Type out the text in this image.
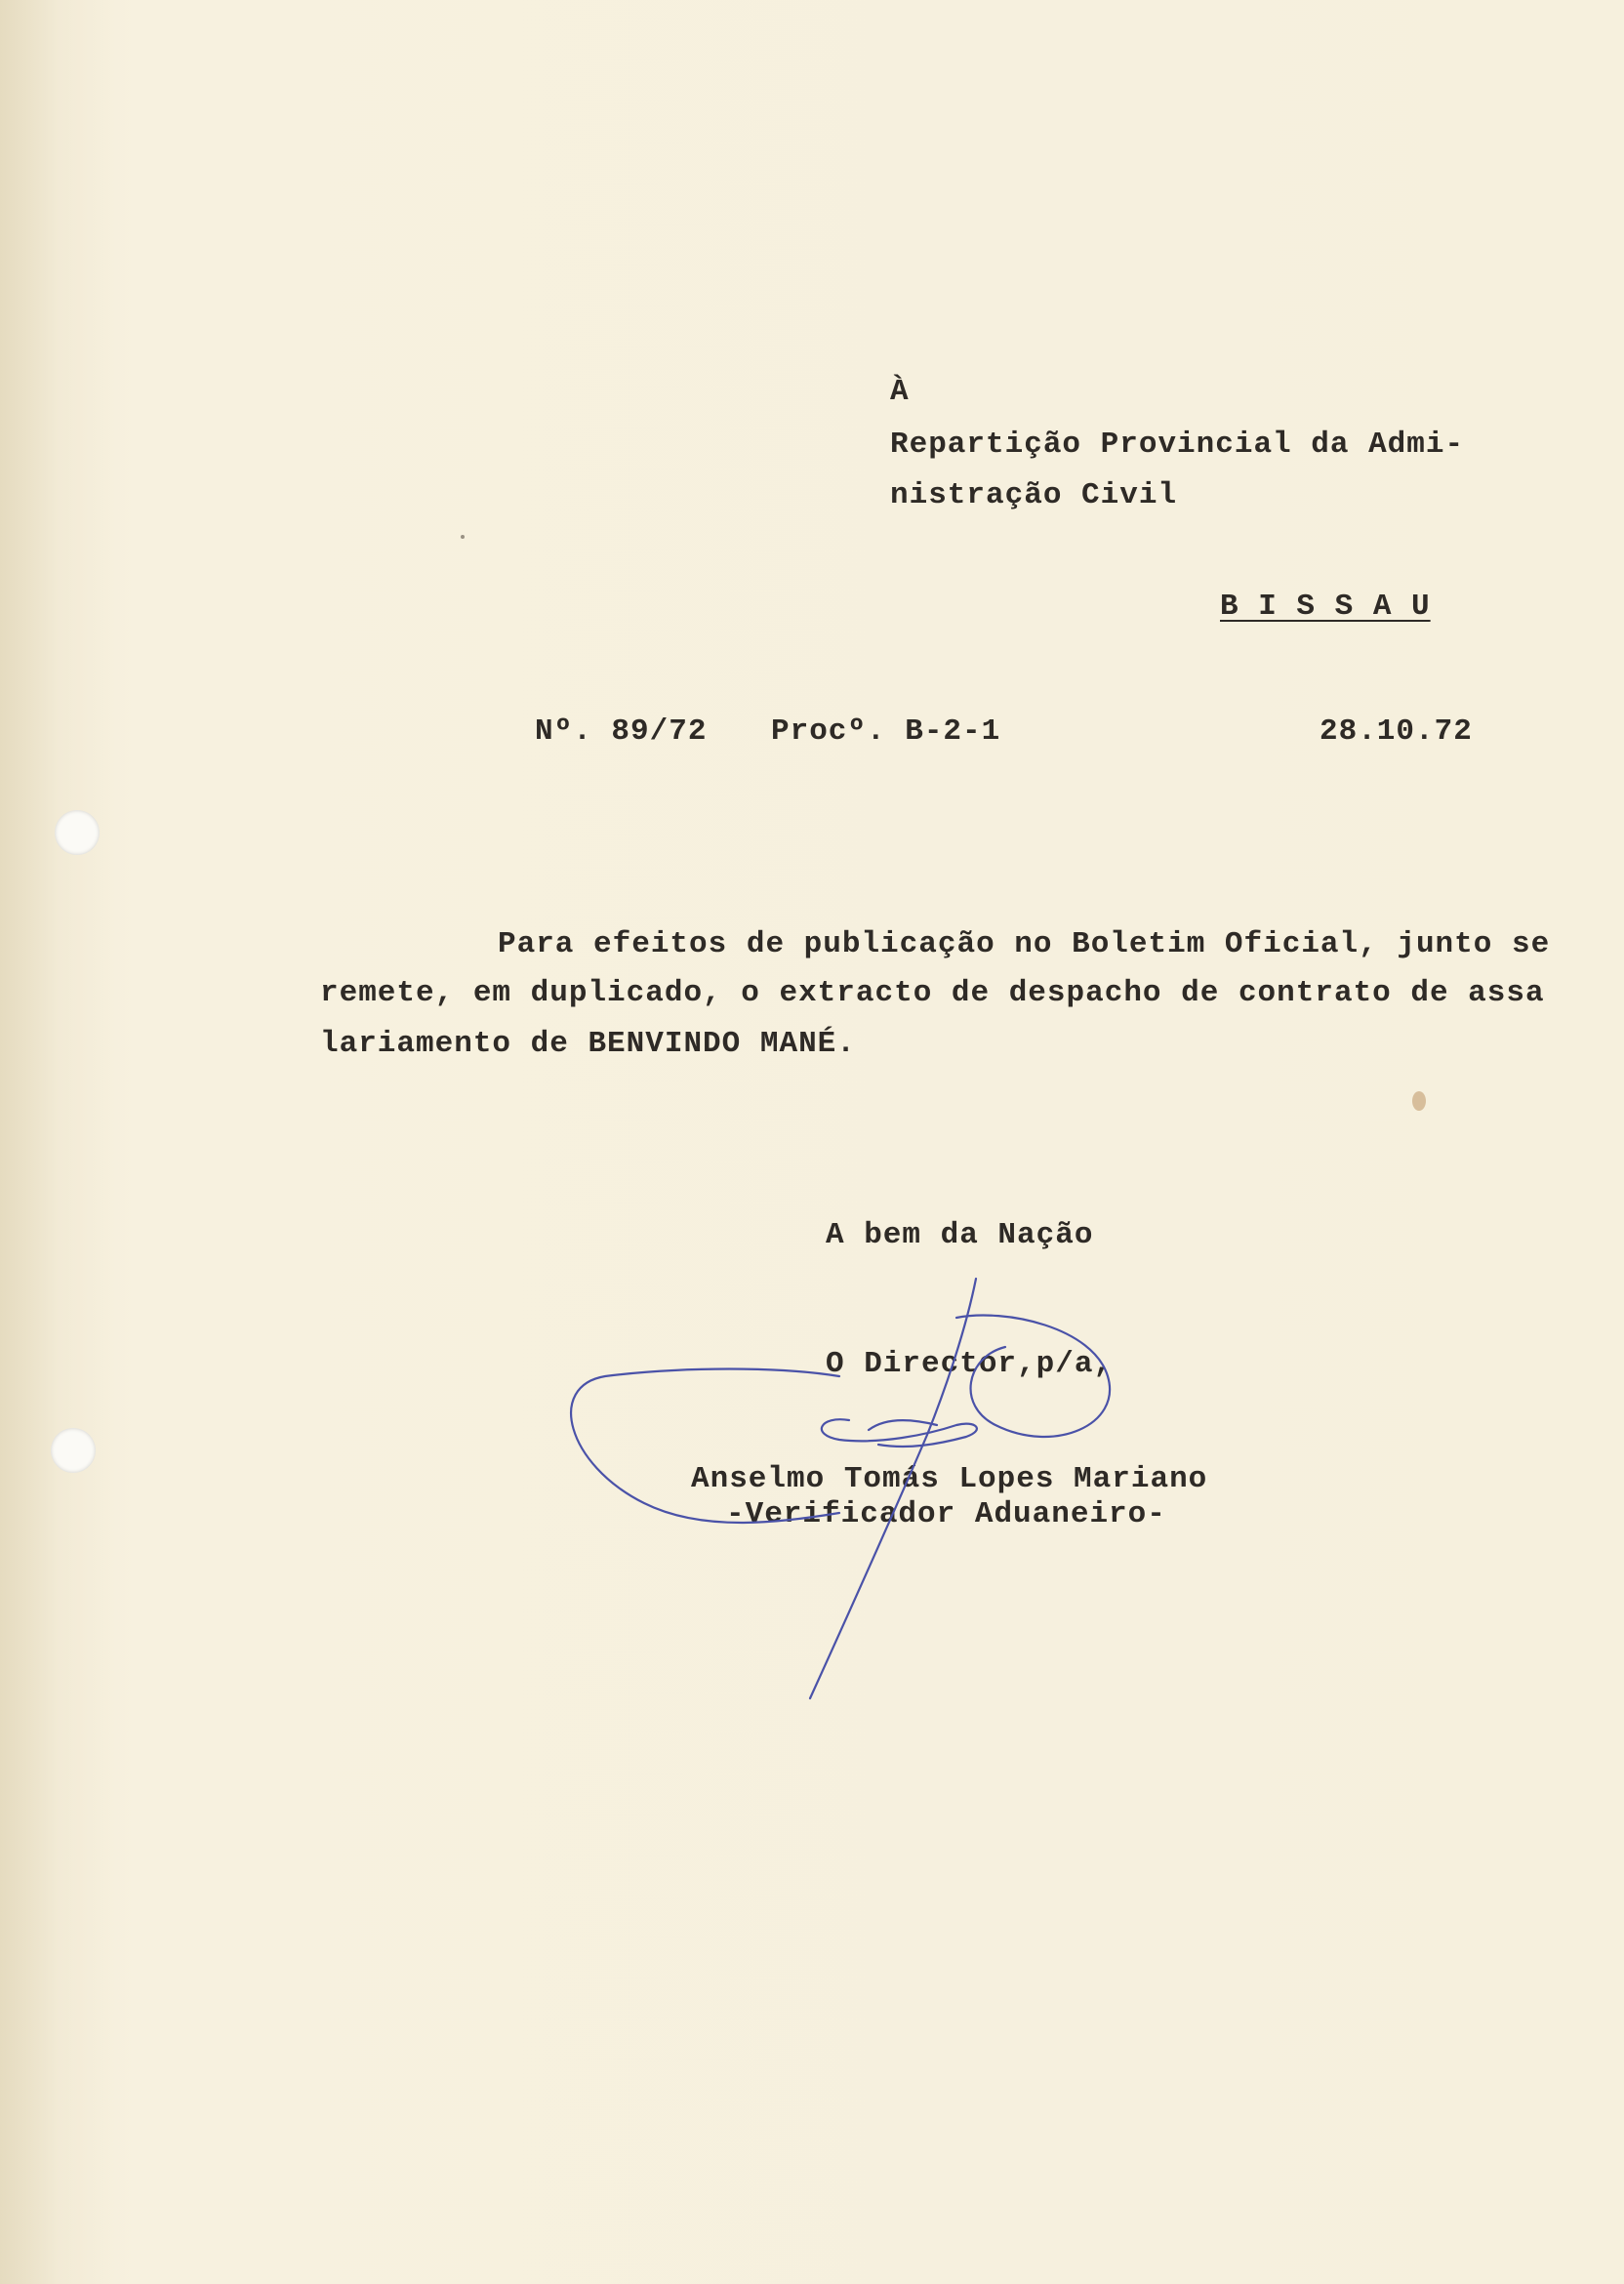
À
Repartição Provincial da Admi-
nistração Civil
B I S S A U
Nº. 89/72 Procº. B-2-1	28.10.72
Para efeitos de publicação no Boletim Oficial, junto se
remete, em duplicado, o extracto de despacho de contrato de assa
lariamento de BENVINDO MANÉ.
A bem da Nação
O Director,p/a,
Anselmo Tomás Lopes Mariano
-Verificador Aduaneiro-
